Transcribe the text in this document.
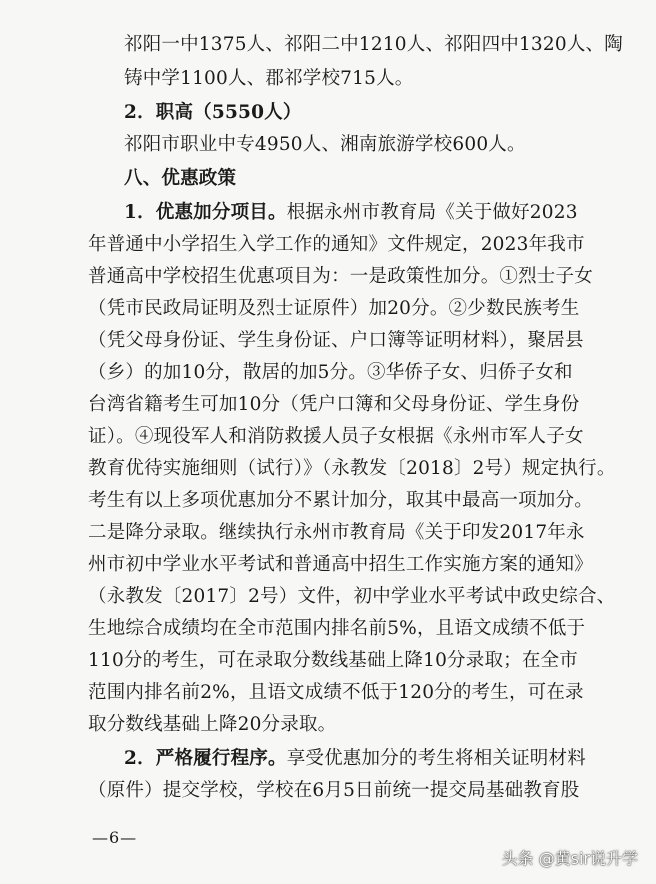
祁阳一中1375人、祁阳二中1210人、祁阳四中1320人、陶
铸中学1100人、郡祁学校715人。
2．职高（5550人）
祁阳市职业中专4950人、湘南旅游学校600人。
八、优惠政策
1．优惠加分项目。根据永州市教育局《关于做好2023
年普通中小学招生入学工作的通知》文件规定，2023年我市
普通高中学校招生优惠项目为：一是政策性加分。①烈士子女
（凭市民政局证明及烈士证原件）加20分。②少数民族考生
（凭父母身份证、学生身份证、户口簿等证明材料），聚居县
（乡）的加10分，散居的加5分。③华侨子女、归侨子女和
台湾省籍考生可加10分（凭户口簿和父母身份证、学生身份
证）。④现役军人和消防救援人员子女根据《永州市军人子女
教育优待实施细则（试行）》（永教发〔2018〕2号）规定执行。
考生有以上多项优惠加分不累计加分，取其中最高一项加分。
二是降分录取。继续执行永州市教育局《关于印发2017年永
州市初中学业水平考试和普通高中招生工作实施方案的通知》
（永教发〔2017〕2号）文件，初中学业水平考试中政史综合、
生地综合成绩均在全市范围内排名前5%，且语文成绩不低于
110分的考生，可在录取分数线基础上降10分录取；在全市
范围内排名前2%，且语文成绩不低于120分的考生，可在录
取分数线基础上降20分录取。
2．严格履行程序。享受优惠加分的考生将相关证明材料
（原件）提交学校，学校在6月5日前统一提交局基础教育股
—6—
头条 @黄sir说升学
